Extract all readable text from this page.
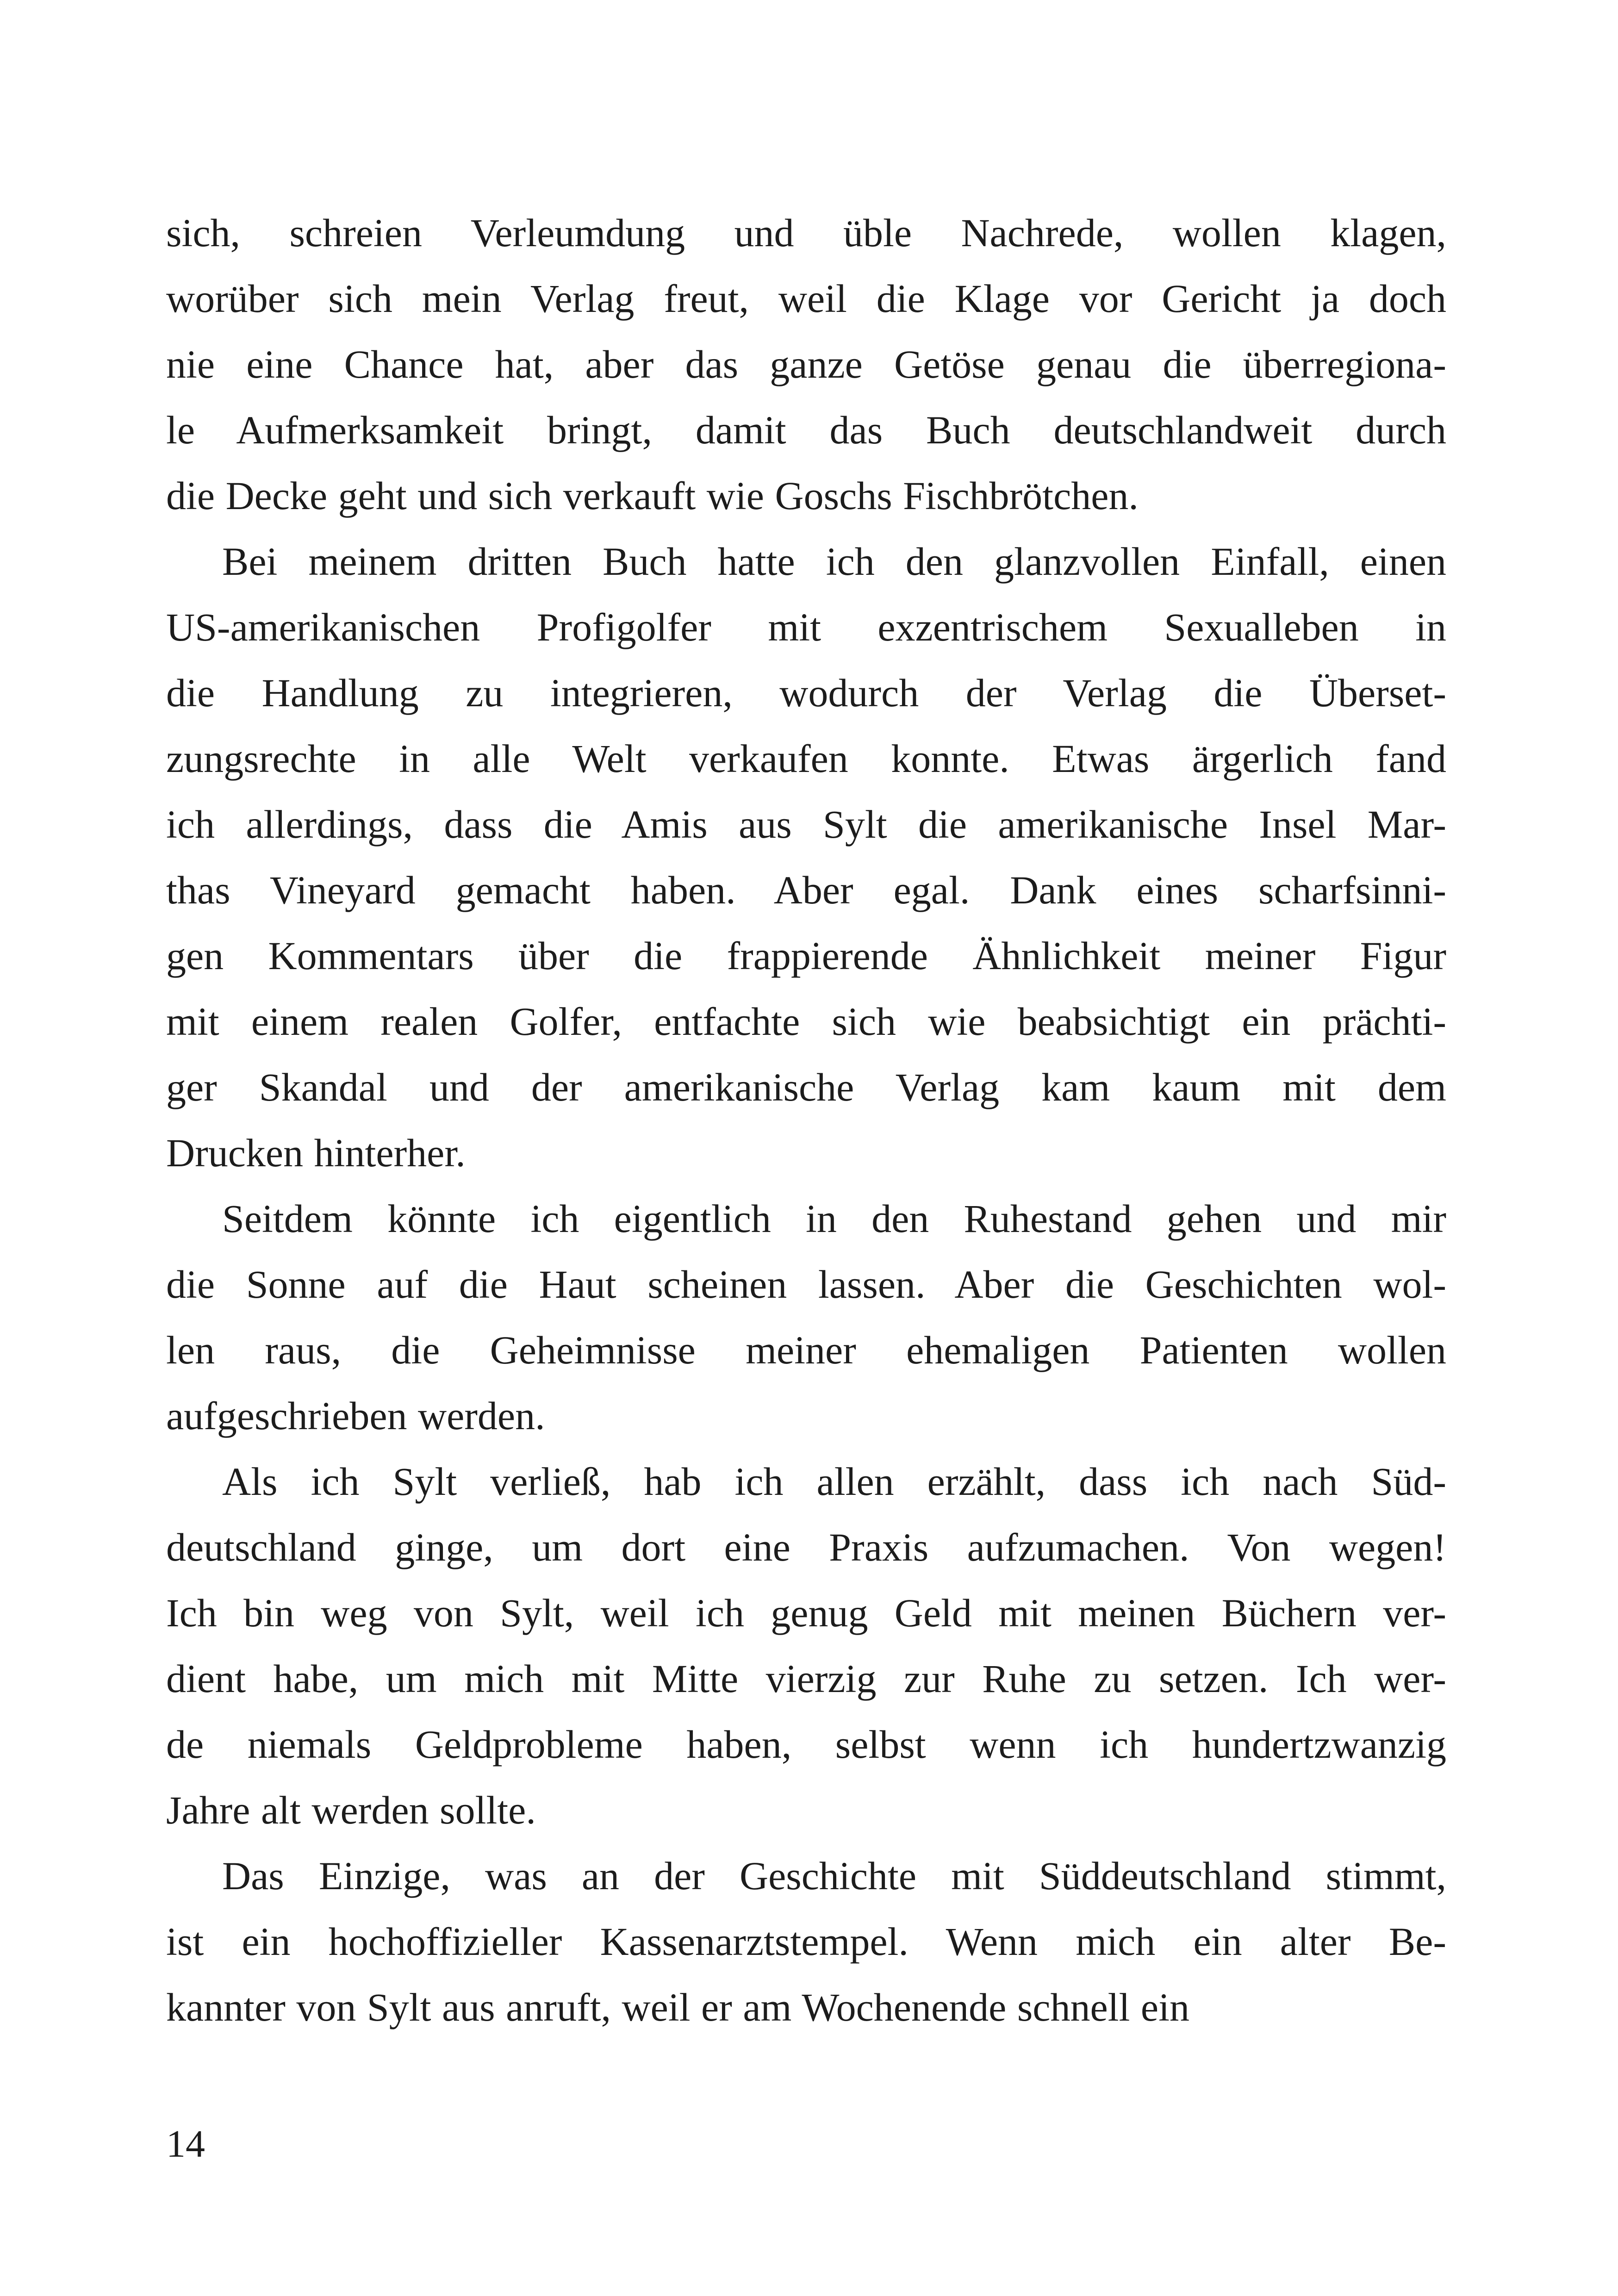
sich, schreien Verleumdung und üble Nachrede, wollen klagen,
worüber sich mein Verlag freut, weil die Klage vor Gericht ja doch
nie eine Chance hat, aber das ganze Getöse genau die überregiona-
le Aufmerksamkeit bringt, damit das Buch deutschlandweit durch
die Decke geht und sich verkauft wie Goschs Fischbrötchen.
Bei meinem dritten Buch hatte ich den glanzvollen Einfall, einen
US-amerikanischen Profigolfer mit exzentrischem Sexualleben in
die Handlung zu integrieren, wodurch der Verlag die Überset-
zungsrechte in alle Welt verkaufen konnte. Etwas ärgerlich fand
ich allerdings, dass die Amis aus Sylt die amerikanische Insel Mar-
thas Vineyard gemacht haben. Aber egal. Dank eines scharfsinni-
gen Kommentars über die frappierende Ähnlichkeit meiner Figur
mit einem realen Golfer, entfachte sich wie beabsichtigt ein prächti-
ger Skandal und der amerikanische Verlag kam kaum mit dem
Drucken hinterher.
Seitdem könnte ich eigentlich in den Ruhestand gehen und mir
die Sonne auf die Haut scheinen lassen. Aber die Geschichten wol-
len raus, die Geheimnisse meiner ehemaligen Patienten wollen
aufgeschrieben werden.
Als ich Sylt verließ, hab ich allen erzählt, dass ich nach Süd-
deutschland ginge, um dort eine Praxis aufzumachen. Von wegen!
Ich bin weg von Sylt, weil ich genug Geld mit meinen Büchern ver-
dient habe, um mich mit Mitte vierzig zur Ruhe zu setzen. Ich wer-
de niemals Geldprobleme haben, selbst wenn ich hundertzwanzig
Jahre alt werden sollte.
Das Einzige, was an der Geschichte mit Süddeutschland stimmt,
ist ein hochoffizieller Kassenarztstempel. Wenn mich ein alter Be-
kannter von Sylt aus anruft, weil er am Wochenende schnell ein
14
